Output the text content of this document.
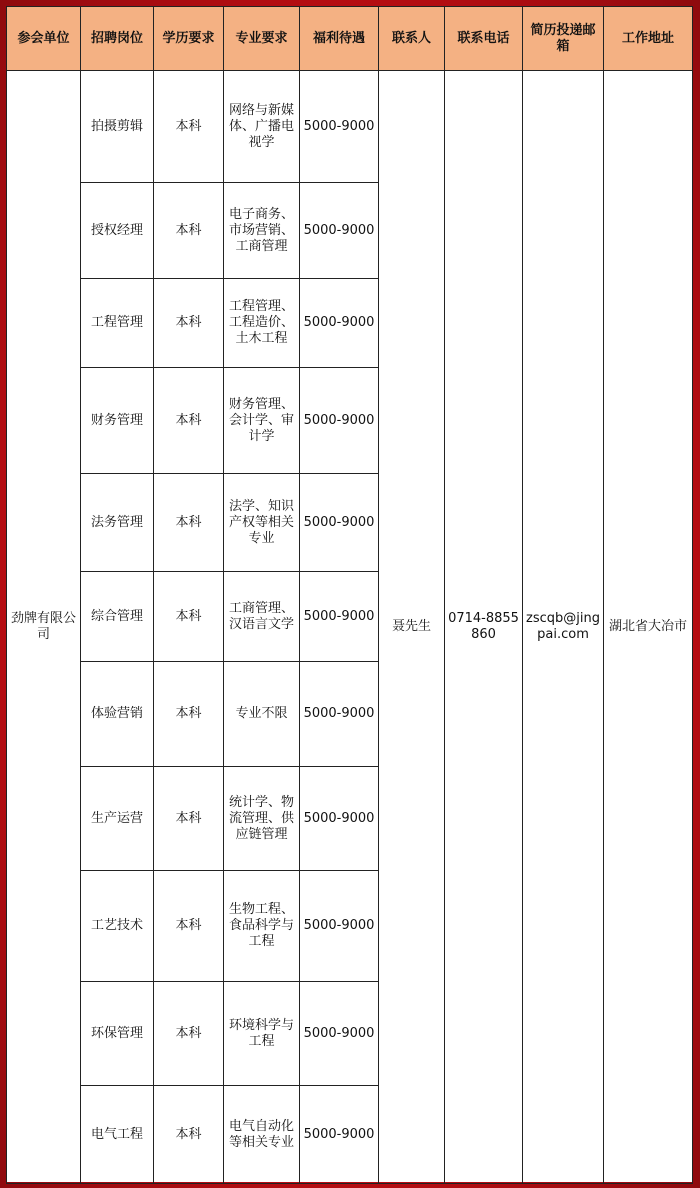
参会单位	招聘岗位	学历要求	专业要求	福利待遇	联系人	联系电话	简历投递邮箱	工作地址
劲牌有限公司	拍摄剪辑	本科	网络与新媒体、广播电视学	5000-9000	聂先生	0714-8855860	zscqb@jingpai.com	湖北省大冶市
	授权经理	本科	电子商务、市场营销、工商管理	5000-9000				
	工程管理	本科	工程管理、工程造价、土木工程	5000-9000				
	财务管理	本科	财务管理、会计学、审计学	5000-9000				
	法务管理	本科	法学、知识产权等相关专业	5000-9000				
	综合管理	本科	工商管理、汉语言文学	5000-9000				
	体验营销	本科	专业不限	5000-9000				
	生产运营	本科	统计学、物流管理、供应链管理	5000-9000				
	工艺技术	本科	生物工程、食品科学与工程	5000-9000				
	环保管理	本科	环境科学与工程	5000-9000				
	电气工程	本科	电气自动化等相关专业	5000-9000				
